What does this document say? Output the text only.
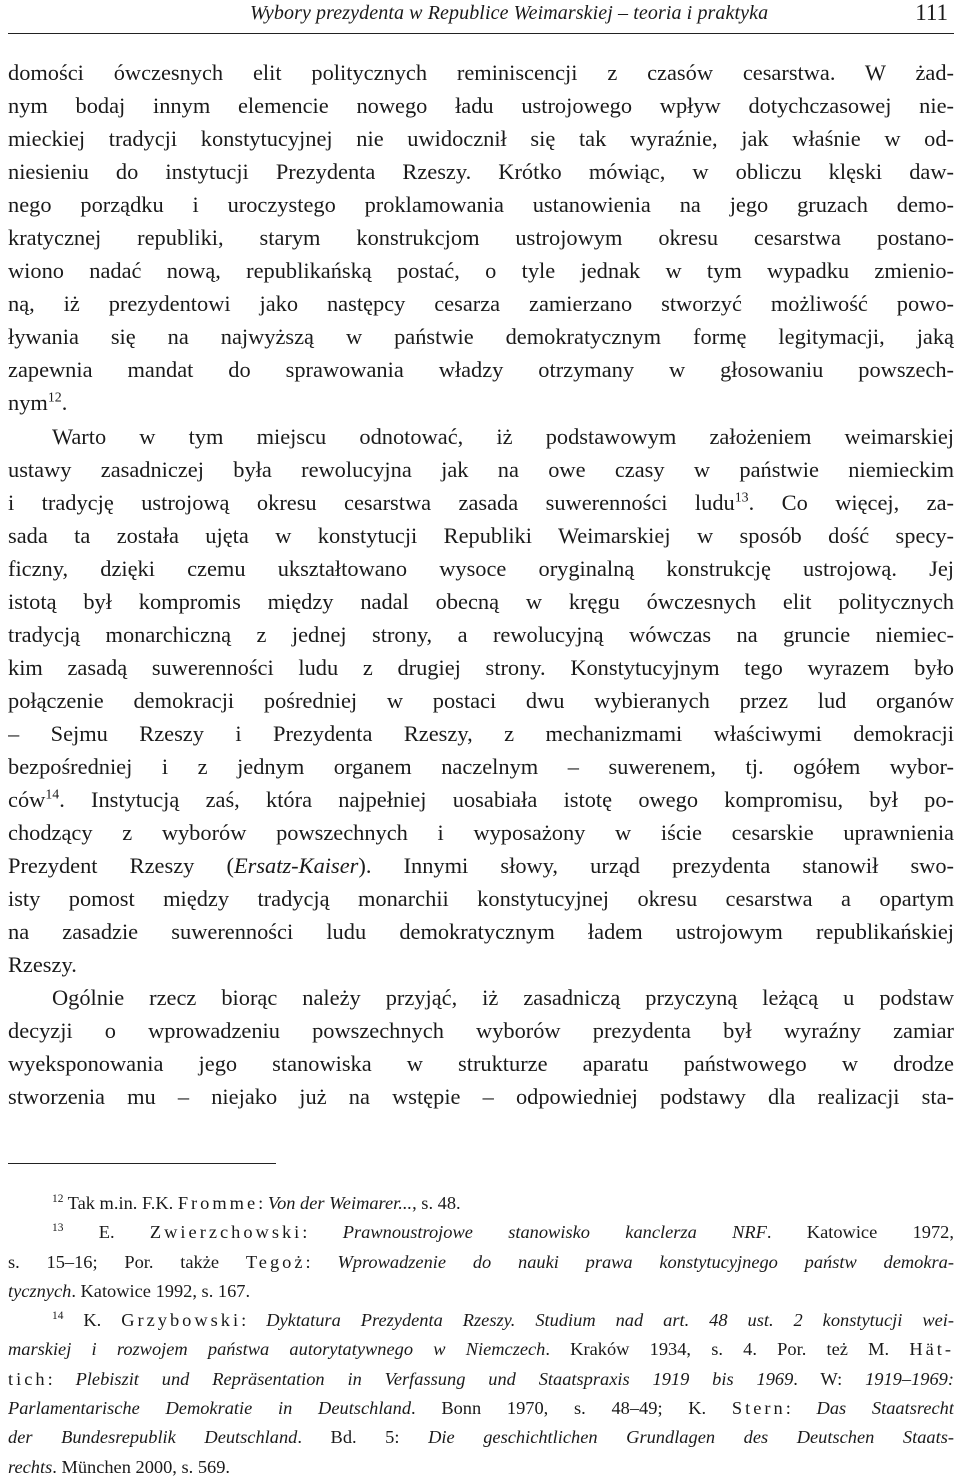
Wybory prezydenta w Republice Weimarskiej – teoria i praktyka	111
domości ówczesnych elit politycznych reminiscencji z czasów cesarstwa. W żad-
nym bodaj innym elemencie nowego ładu ustrojowego wpływ dotychczasowej nie-
mieckiej tradycji konstytucyjnej nie uwidocznił się tak wyraźnie, jak właśnie w od-
niesieniu do instytucji Prezydenta Rzeszy. Krótko mówiąc, w obliczu klęski daw-
nego porządku i uroczystego proklamowania ustanowienia na jego gruzach demo-
kratycznej republiki, starym konstrukcjom ustrojowym okresu cesarstwa postano-
wiono nadać nową, republikańską postać, o tyle jednak w tym wypadku zmienio-
ną, iż prezydentowi jako następcy cesarza zamierzano stworzyć możliwość powo-
ływania się na najwyższą w państwie demokratycznym formę legitymacji, jaką
zapewnia mandat do sprawowania władzy otrzymany w głosowaniu powszech-
nym$^{12}$.
Warto w tym miejscu odnotować, iż podstawowym założeniem weimarskiej
ustawy zasadniczej była rewolucyjna jak na owe czasy w państwie niemieckim
i tradycję ustrojową okresu cesarstwa zasada suwerenności ludu$^{13}$. Co więcej, za-
sada ta została ujęta w konstytucji Republiki Weimarskiej w sposób dość specy-
ficzny, dzięki czemu ukształtowano wysoce oryginalną konstrukcję ustrojową. Jej
istotą był kompromis między nadal obecną w kręgu ówczesnych elit politycznych
tradycją monarchiczną z jednej strony, a rewolucyjną wówczas na gruncie niemiec-
kim zasadą suwerenności ludu z drugiej strony. Konstytucyjnym tego wyrazem było
połączenie demokracji pośredniej w postaci dwu wybieranych przez lud organów
– Sejmu Rzeszy i Prezydenta Rzeszy, z mechanizmami właściwymi demokracji
bezpośredniej i z jednym organem naczelnym – suwerenem, tj. ogółem wybor-
ców$^{14}$. Instytucją zaś, która najpełniej uosabiała istotę owego kompromisu, był po-
chodzący z wyborów powszechnych i wyposażony w iście cesarskie uprawnienia
Prezydent Rzeszy (Ersatz-Kaiser). Innymi słowy, urząd prezydenta stanowił swo-
isty pomost między tradycją monarchii konstytucyjnej okresu cesarstwa a opartym
na zasadzie suwerenności ludu demokratycznym ładem ustrojowym republikańskiej
Rzeszy.
Ogólnie rzecz biorąc należy przyjąć, iż zasadniczą przyczyną leżącą u podstaw
decyzji o wprowadzeniu powszechnych wyborów prezydenta był wyraźny zamiar
wyeksponowania jego stanowiska w strukturze aparatu państwowego w drodze
stworzenia mu – niejako już na wstępie – odpowiedniej podstawy dla realizacji sta-
$^{12}$ Tak m.in. F.K. Fromme: Von der Weimarer..., s. 48.
$^{13}$ E. Zwierzchowski: Prawnoustrojowe stanowisko kanclerza NRF. Katowice 1972,
s. 15–16; Por. także Tegoż: Wprowadzenie do nauki prawa konstytucyjnego państw demokra-
tycznych. Katowice 1992, s. 167.
$^{14}$ K. Grzybowski: Dyktatura Prezydenta Rzeszy. Studium nad art. 48 ust. 2 konstytucji wei-
marskiej i rozwojem państwa autorytatywnego w Niemczech. Kraków 1934, s. 4. Por. też M. Hät-
tich: Plebiszit und Repräsentation in Verfassung und Staatspraxis 1919 bis 1969. W: 1919–1969:
Parlamentarische Demokratie in Deutschland. Bonn 1970, s. 48–49; K. Stern: Das Staatsrecht
der Bundesrepublik Deutschland. Bd. 5: Die geschichtlichen Grundlagen des Deutschen Staats-
rechts. München 2000, s. 569.
